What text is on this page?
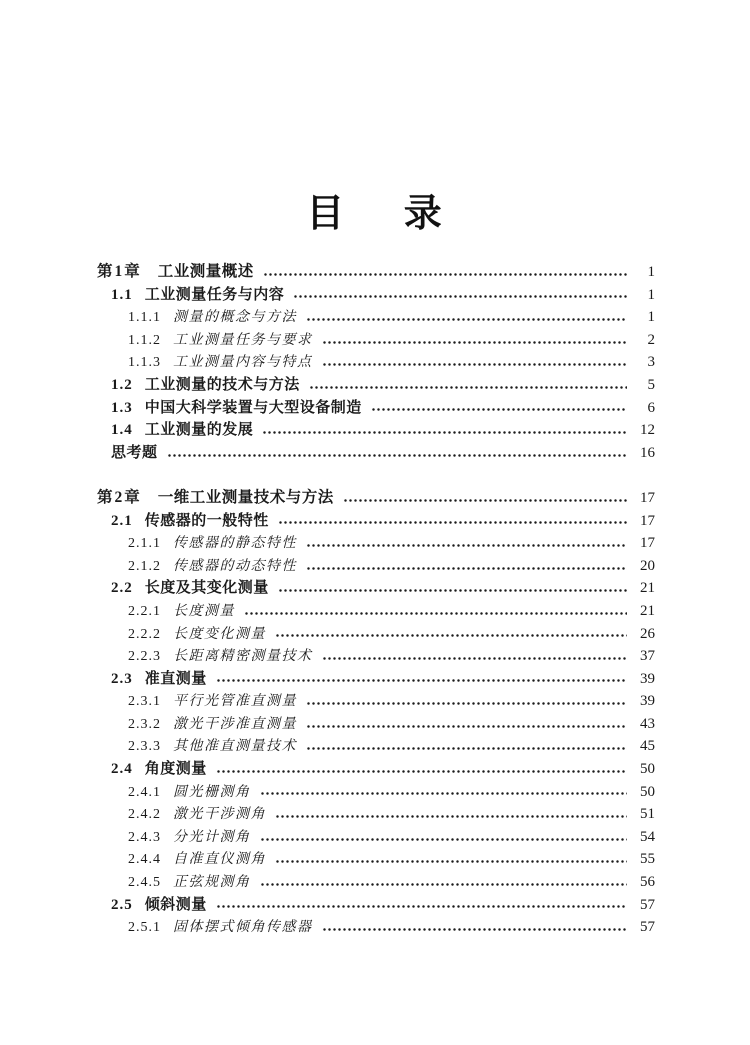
目 录
第1章 工业测量概述	1
1.1 工业测量任务与内容	1
1.1.1 测量的概念与方法	1
1.1.2 工业测量任务与要求	2
1.1.3 工业测量内容与特点	3
1.2 工业测量的技术与方法	5
1.3 中国大科学装置与大型设备制造	6
1.4 工业测量的发展	12
思考题	16
第2章 一维工业测量技术与方法	17
2.1 传感器的一般特性	17
2.1.1 传感器的静态特性	17
2.1.2 传感器的动态特性	20
2.2 长度及其变化测量	21
2.2.1 长度测量	21
2.2.2 长度变化测量	26
2.2.3 长距离精密测量技术	37
2.3 准直测量	39
2.3.1 平行光管准直测量	39
2.3.2 激光干涉准直测量	43
2.3.3 其他准直测量技术	45
2.4 角度测量	50
2.4.1 圆光栅测角	50
2.4.2 激光干涉测角	51
2.4.3 分光计测角	54
2.4.4 自准直仪测角	55
2.4.5 正弦规测角	56
2.5 倾斜测量	57
2.5.1 固体摆式倾角传感器	57
